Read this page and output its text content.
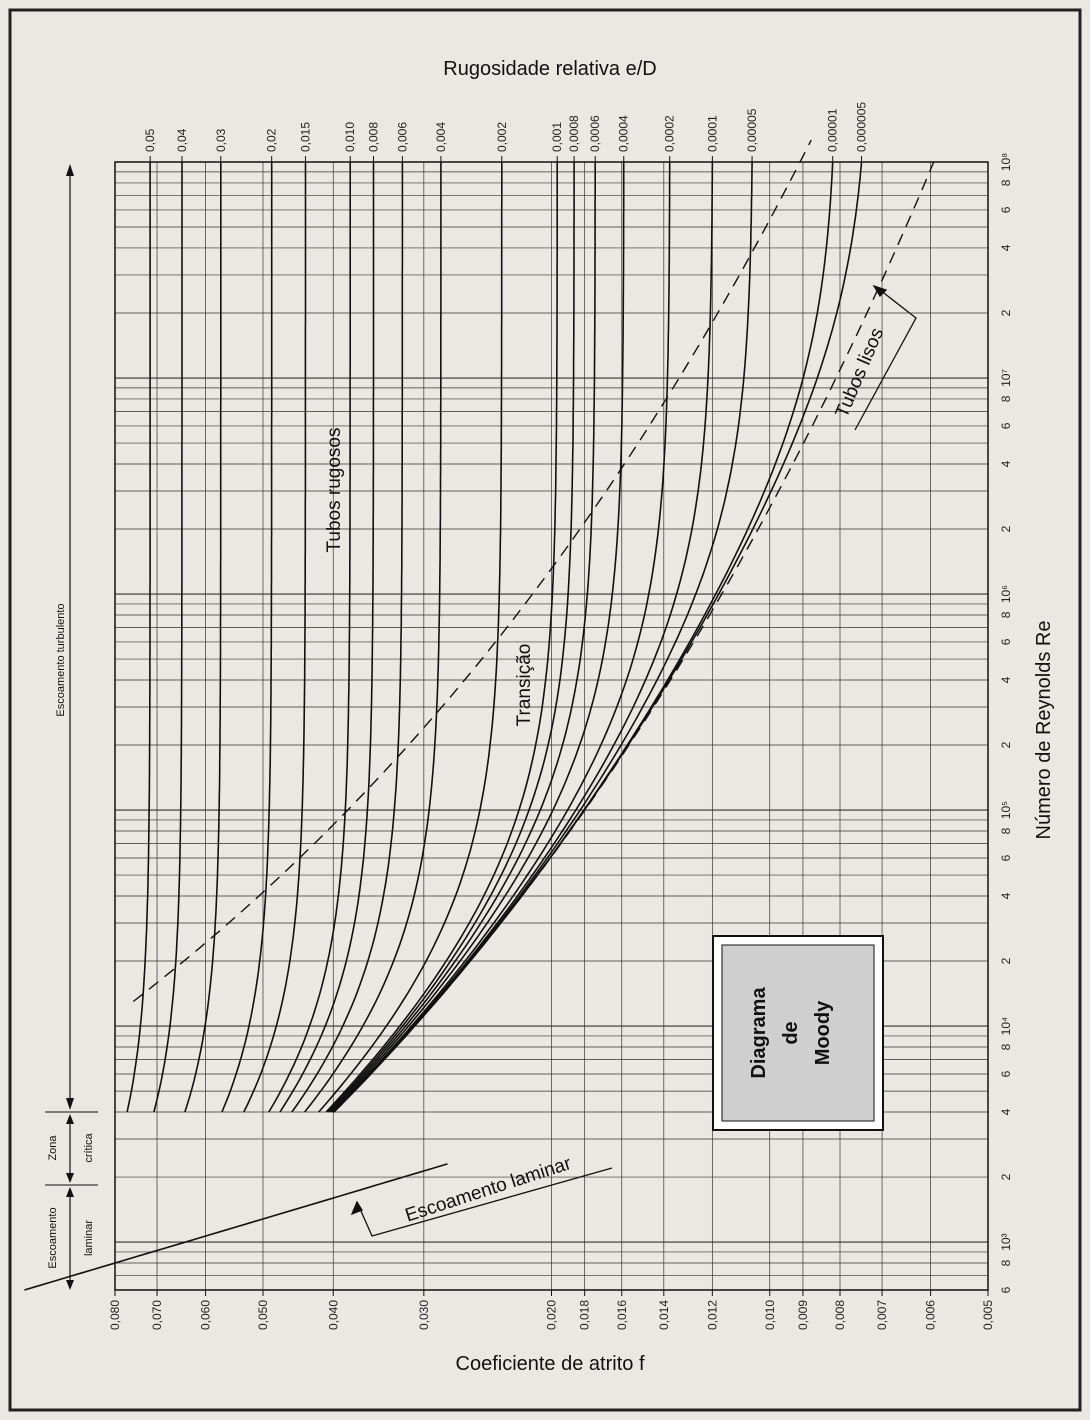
0,080 0,070	0,060	0,050	0,040	0,030	0,020 0,018 0,016 0,014	0,012	0,010 0,009 0,008 0,007	0,006	0,005
6
8
10³
2
4
6
8
10⁴
2
4
6
8
10⁵
2
4
6
8
10⁶
2
4
6
8
10⁷
2
4
6
8
10⁸
0,05 0,04 0,03	0,02 0,015	0,010 0,008 0,006 0,004	0,002	0,001 0,0008 0,0006 0,0004	0,0002 0,0001 0,00005	0,00001 0,000005
Rugosidade relativa e/D
Coeficiente de atrito f
Número de Reynolds Re
Tubos rugosos
Transição
Tubos lisos
Escoamento laminar
Escoamento turbulento
Zona crítica
Escoamento laminar
Diagrama de Moody
